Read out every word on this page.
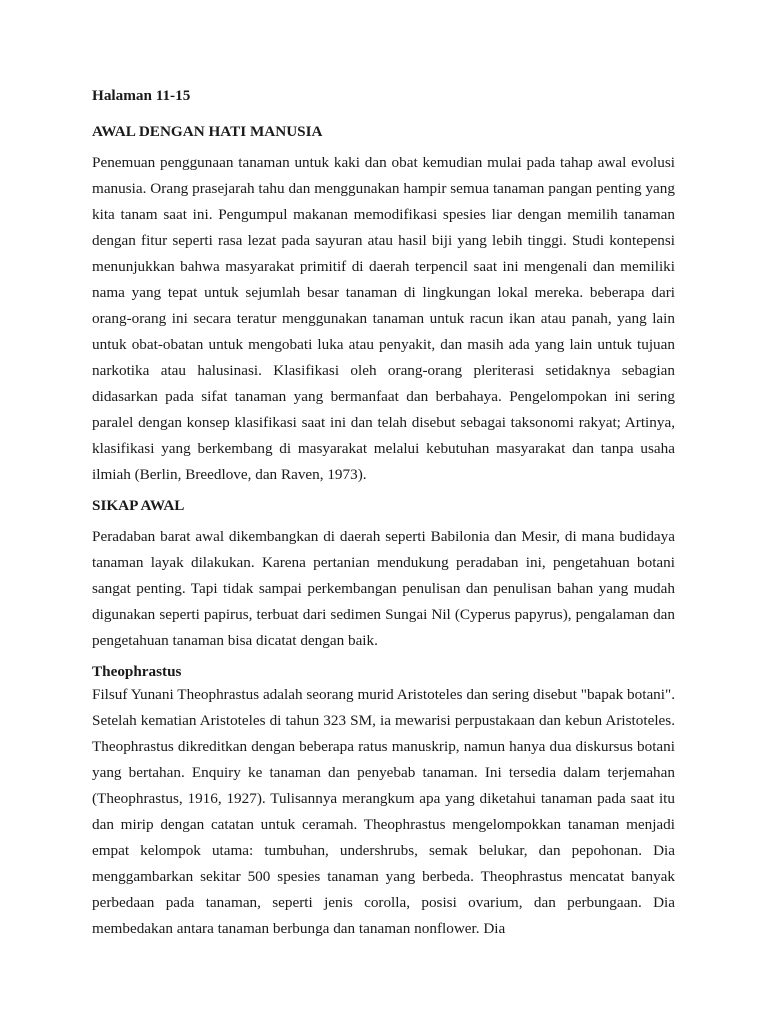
Halaman 11-15

AWAL DENGAN HATI MANUSIA

Penemuan penggunaan tanaman untuk kaki dan obat kemudian mulai pada tahap awal evolusi manusia. Orang prasejarah tahu dan menggunakan hampir semua tanaman pangan penting yang kita tanam saat ini. Pengumpul makanan memodifikasi spesies liar dengan memilih tanaman dengan fitur seperti rasa lezat pada sayuran atau hasil biji yang lebih tinggi. Studi kontepensi menunjukkan bahwa masyarakat primitif di daerah terpencil saat ini mengenali dan memiliki nama yang tepat untuk sejumlah besar tanaman di lingkungan lokal mereka. beberapa dari orang-orang ini secara teratur menggunakan tanaman untuk racun ikan atau panah, yang lain untuk obat-obatan untuk mengobati luka atau penyakit, dan masih ada yang lain untuk tujuan narkotika atau halusinasi. Klasifikasi oleh orang-orang pleriterasi setidaknya sebagian didasarkan pada sifat tanaman yang bermanfaat dan berbahaya. Pengelompokan ini sering paralel dengan konsep klasifikasi saat ini dan telah disebut sebagai taksonomi rakyat; Artinya, klasifikasi yang berkembang di masyarakat melalui kebutuhan masyarakat dan tanpa usaha ilmiah (Berlin, Breedlove, dan Raven, 1973).

SIKAP AWAL

Peradaban barat awal dikembangkan di daerah seperti Babilonia dan Mesir, di mana budidaya tanaman layak dilakukan. Karena pertanian mendukung peradaban ini, pengetahuan botani sangat penting. Tapi tidak sampai perkembangan penulisan dan penulisan bahan yang mudah digunakan seperti papirus, terbuat dari sedimen Sungai Nil (Cyperus papyrus), pengalaman dan pengetahuan tanaman bisa dicatat dengan baik.

Theophrastus

Filsuf Yunani Theophrastus adalah seorang murid Aristoteles dan sering disebut "bapak botani". Setelah kematian Aristoteles di tahun 323 SM, ia mewarisi perpustakaan dan kebun Aristoteles. Theophrastus dikreditkan dengan beberapa ratus manuskrip, namun hanya dua diskursus botani yang bertahan. Enquiry ke tanaman dan penyebab tanaman. Ini tersedia dalam terjemahan (Theophrastus, 1916, 1927). Tulisannya merangkum apa yang diketahui tanaman pada saat itu dan mirip dengan catatan untuk ceramah. Theophrastus mengelompokkan tanaman menjadi empat kelompok utama: tumbuhan, undershrubs, semak belukar, dan pepohonan. Dia menggambarkan sekitar 500 spesies tanaman yang berbeda. Theophrastus mencatat banyak perbedaan pada tanaman, seperti jenis corolla, posisi ovarium, dan perbungaan. Dia membedakan antara tanaman berbunga dan tanaman nonflower. Dia
